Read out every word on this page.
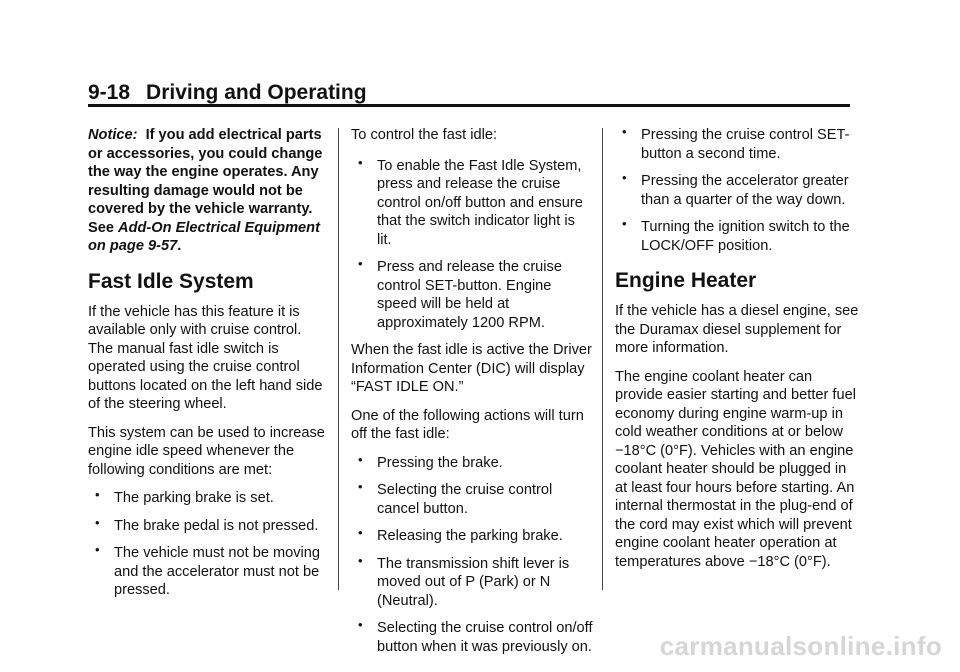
9-18 Driving and Operating

Notice: If you add electrical parts or accessories, you could change the way the engine operates. Any resulting damage would not be covered by the vehicle warranty. See Add-On Electrical Equipment on page 9-57.

Fast Idle System

If the vehicle has this feature it is available only with cruise control. The manual fast idle switch is operated using the cruise control buttons located on the left hand side of the steering wheel.

This system can be used to increase engine idle speed whenever the following conditions are met:

• The parking brake is set.
• The brake pedal is not pressed.
• The vehicle must not be moving and the accelerator must not be pressed.

To control the fast idle:

• To enable the Fast Idle System, press and release the cruise control on/off button and ensure that the switch indicator light is lit.
• Press and release the cruise control SET-button. Engine speed will be held at approximately 1200 RPM.

When the fast idle is active the Driver Information Center (DIC) will display “FAST IDLE ON.”

One of the following actions will turn off the fast idle:

• Pressing the brake.
• Selecting the cruise control cancel button.
• Releasing the parking brake.
• The transmission shift lever is moved out of P (Park) or N (Neutral).
• Selecting the cruise control on/off button when it was previously on.
• Pressing the cruise control SET-button a second time.
• Pressing the accelerator greater than a quarter of the way down.
• Turning the ignition switch to the LOCK/OFF position.
Engine Heater

If the vehicle has a diesel engine, see the Duramax diesel supplement for more information.

The engine coolant heater can provide easier starting and better fuel economy during engine warm-up in cold weather conditions at or below −18°C (0°F). Vehicles with an engine coolant heater should be plugged in at least four hours before starting. An internal thermostat in the plug-end of the cord may exist which will prevent engine coolant heater operation at temperatures above −18°C (0°F).

carmanualsonline.info
